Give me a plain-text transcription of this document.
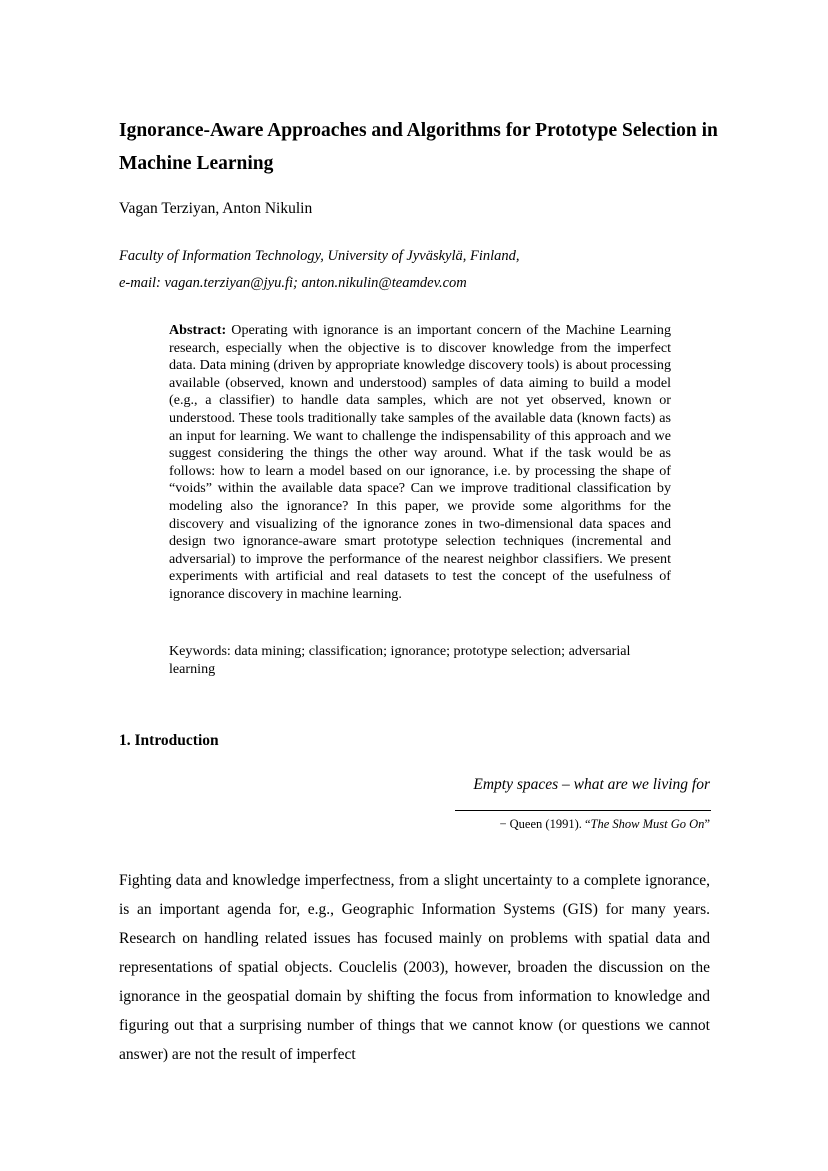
Ignorance-Aware Approaches and Algorithms for Prototype Selection in Machine Learning
Vagan Terziyan, Anton Nikulin
Faculty of Information Technology, University of Jyväskylä, Finland,
e-mail: vagan.terziyan@jyu.fi; anton.nikulin@teamdev.com
Abstract: Operating with ignorance is an important concern of the Machine Learning research, especially when the objective is to discover knowledge from the imperfect data. Data mining (driven by appropriate knowledge discovery tools) is about processing available (observed, known and understood) samples of data aiming to build a model (e.g., a classifier) to handle data samples, which are not yet observed, known or understood. These tools traditionally take samples of the available data (known facts) as an input for learning. We want to challenge the indispensability of this approach and we suggest considering the things the other way around. What if the task would be as follows: how to learn a model based on our ignorance, i.e. by processing the shape of “voids” within the available data space? Can we improve traditional classification by modeling also the ignorance? In this paper, we provide some algorithms for the discovery and visualizing of the ignorance zones in two-dimensional data spaces and design two ignorance-aware smart prototype selection techniques (incremental and adversarial) to improve the performance of the nearest neighbor classifiers. We present experiments with artificial and real datasets to test the concept of the usefulness of ignorance discovery in machine learning.
Keywords: data mining; classification; ignorance; prototype selection; adversarial learning
1. Introduction
Empty spaces – what are we living for
− Queen (1991). “The Show Must Go On”
Fighting data and knowledge imperfectness, from a slight uncertainty to a complete ignorance, is an important agenda for, e.g., Geographic Information Systems (GIS) for many years. Research on handling related issues has focused mainly on problems with spatial data and representations of spatial objects. Couclelis (2003), however, broaden the discussion on the ignorance in the geospatial domain by shifting the focus from information to knowledge and figuring out that a surprising number of things that we cannot know (or questions we cannot answer) are not the result of imperfect
